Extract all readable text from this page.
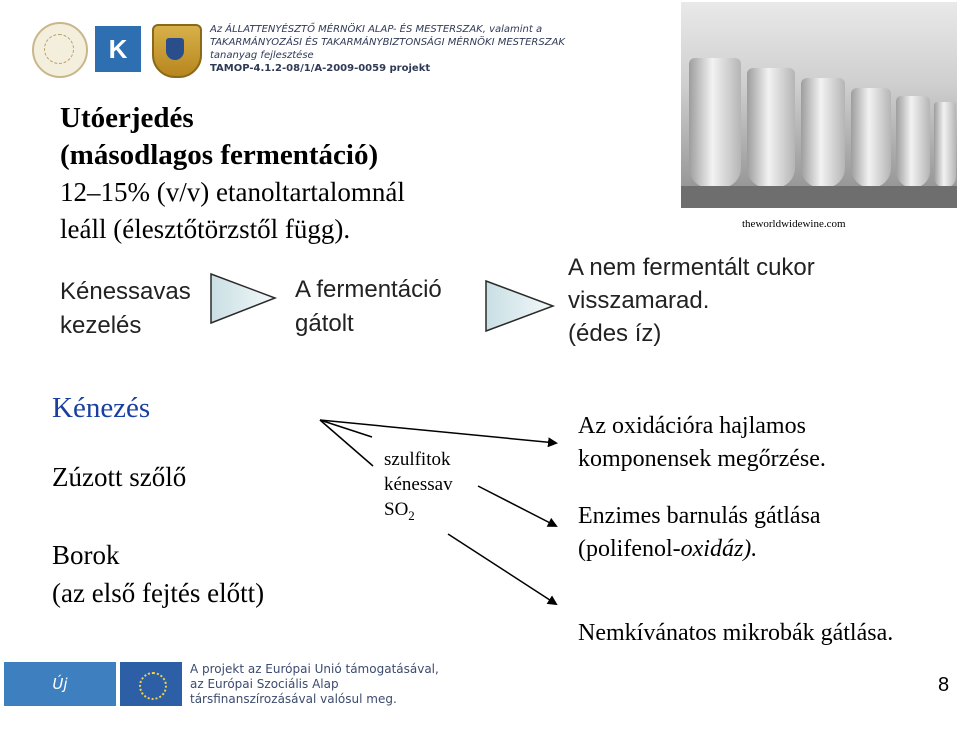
K
Az ÁLLATTENYÉSZTŐ MÉRNÖKI ALAP- ÉS MESTERSZAK, valamint a
TAKARMÁNYOZÁSI ÉS TAKARMÁNYBIZTONSÁGI MÉRNÖKI MESTERSZAK
tananyag fejlesztése
TAMOP-4.1.2-08/1/A-2009-0059 projekt
theworldwidewine.com
Utóerjedés
(másodlagos fermentáció)
12–15% (v/v) etanoltartalomnál
leáll (élesztőtörzstől függ).
Kénessavas
kezelés
A fermentáció
gátolt
A nem fermentált cukor
visszamarad.
(édes íz)
Kénezés
Zúzott szőlő
Borok
(az első fejtés előtt)
szulfitok
kénessav
$SO_2$
Az oxidációra hajlamos
komponensek megőrzése.
Enzimes barnulás gátlása
(polifenol-oxidáz).
Nemkívánatos mikrobák gátlása.
Új Magyarország
A projekt az Európai Unió támogatásával,
az Európai Szociális Alap
társfinanszírozásával valósul meg.
8
